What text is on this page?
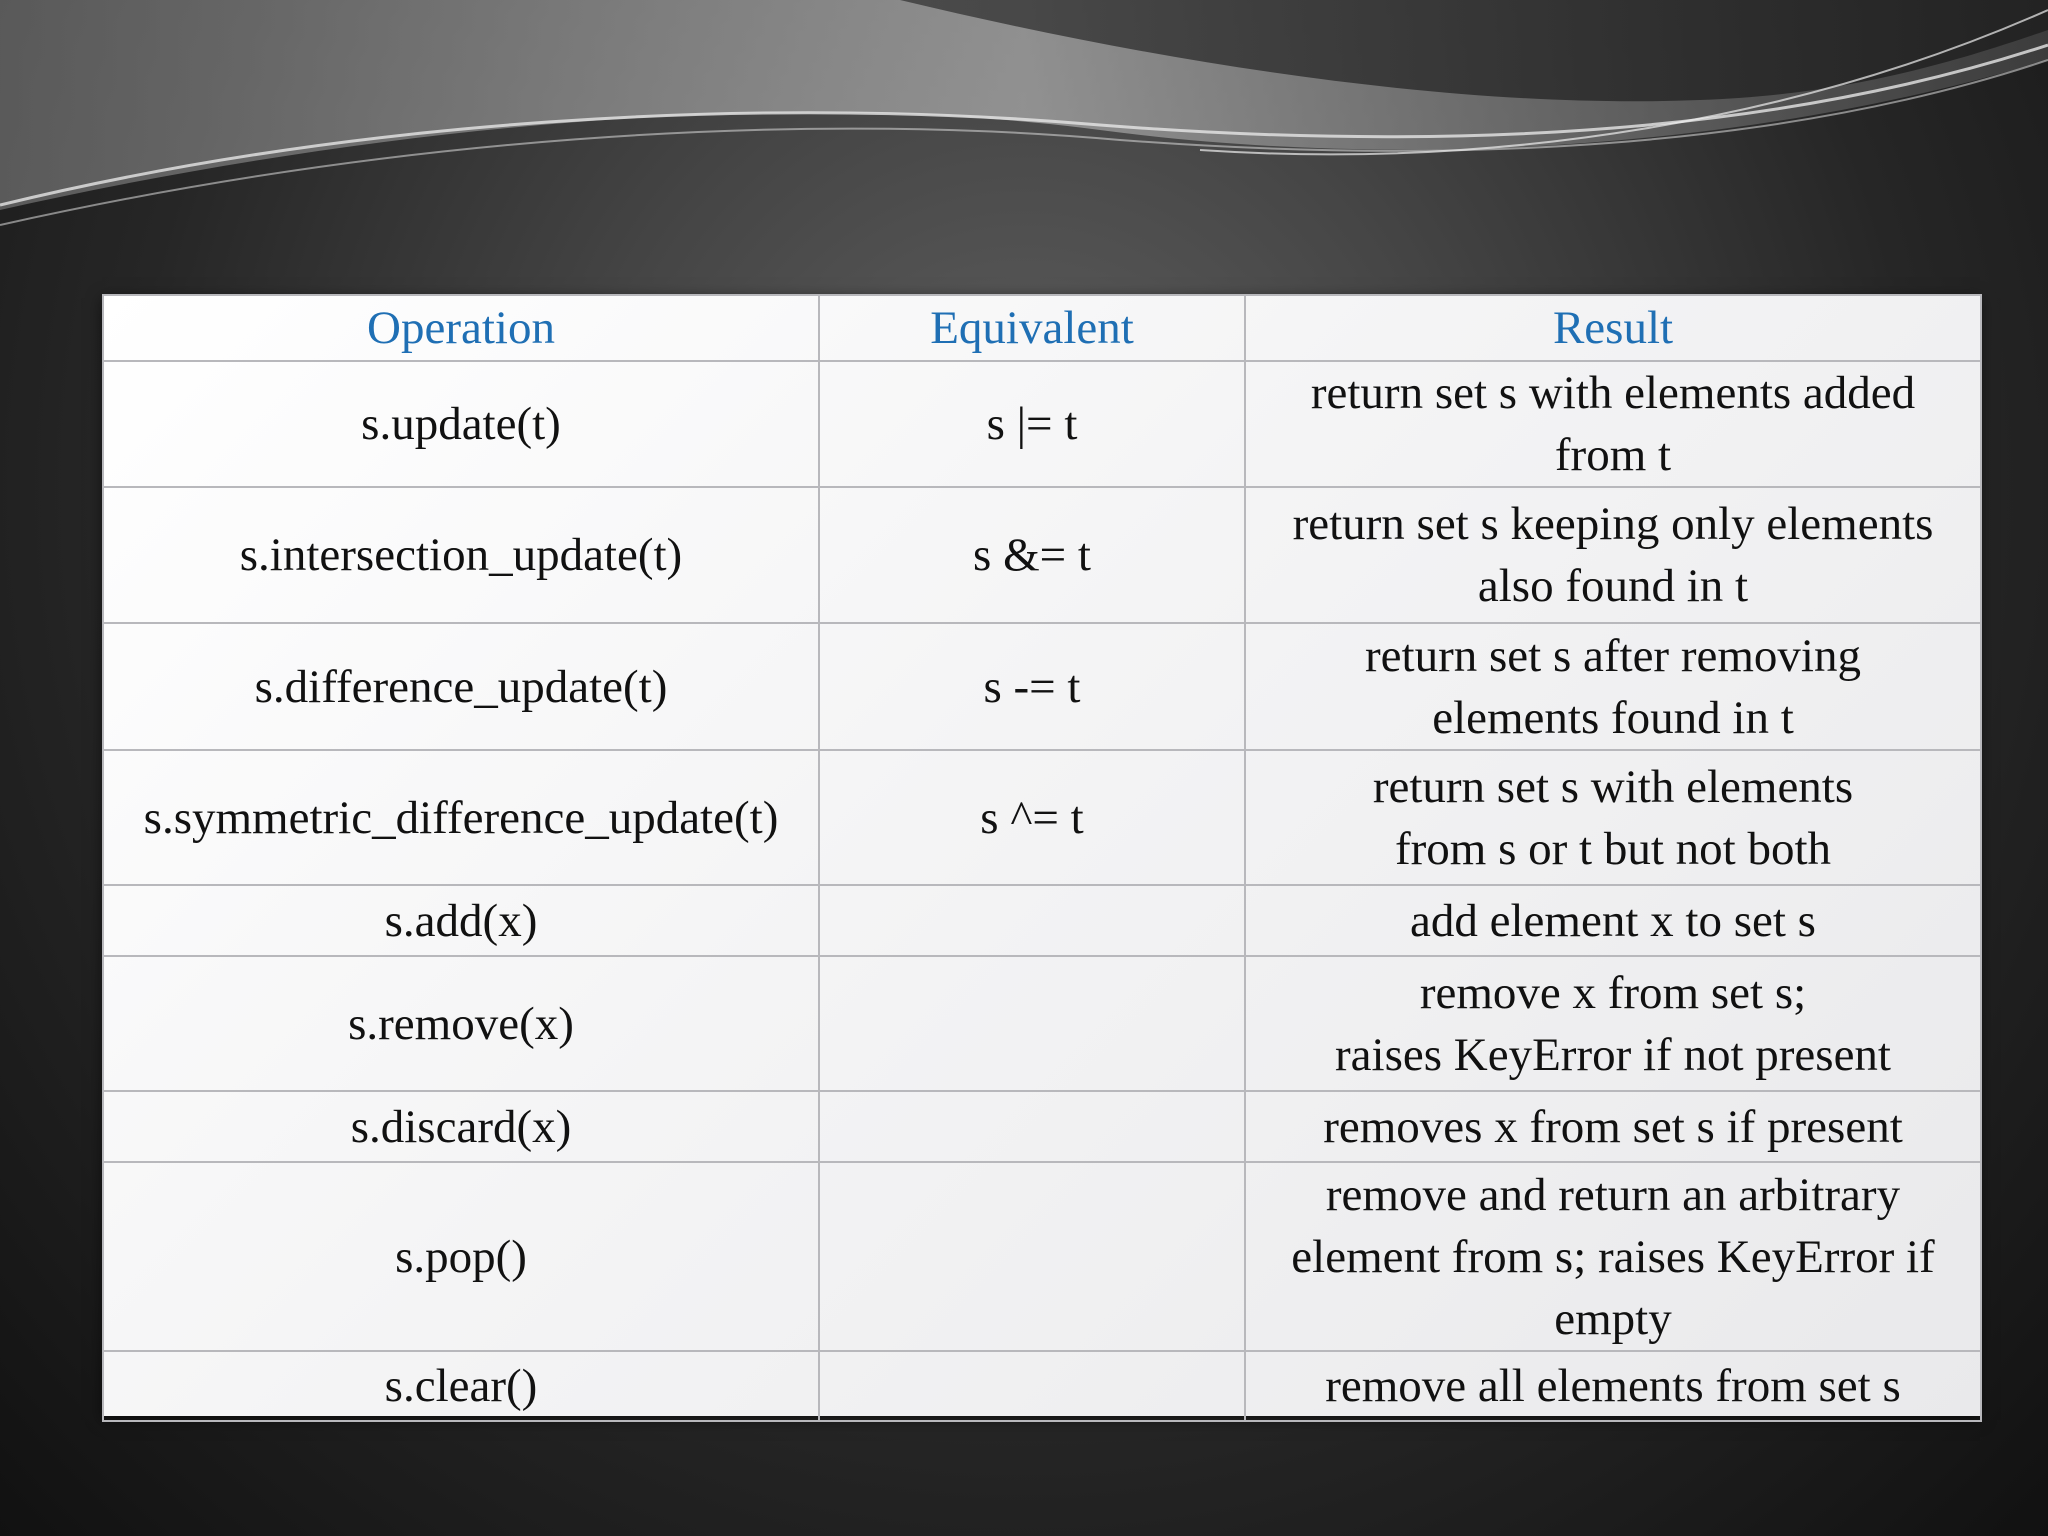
Operation	Equivalent	Result
s.update(t)	s |= t	return set s with elements added
from t

s.intersection_update(t)	s &= t	return set s keeping only elements
also found in t

s.difference_update(t)	s -= t	return set s after removing
elements found in t

s.symmetric_difference_update(t)	s ^= t	return set s with elements
from s or t but not both

s.add(x)		add element x to set s

s.remove(x)		remove x from set s;
raises KeyError if not present

s.discard(x)		removes x from set s if present

s.pop()		remove and return an arbitrary
element from s; raises KeyError if
empty

s.clear()		remove all elements from set s
